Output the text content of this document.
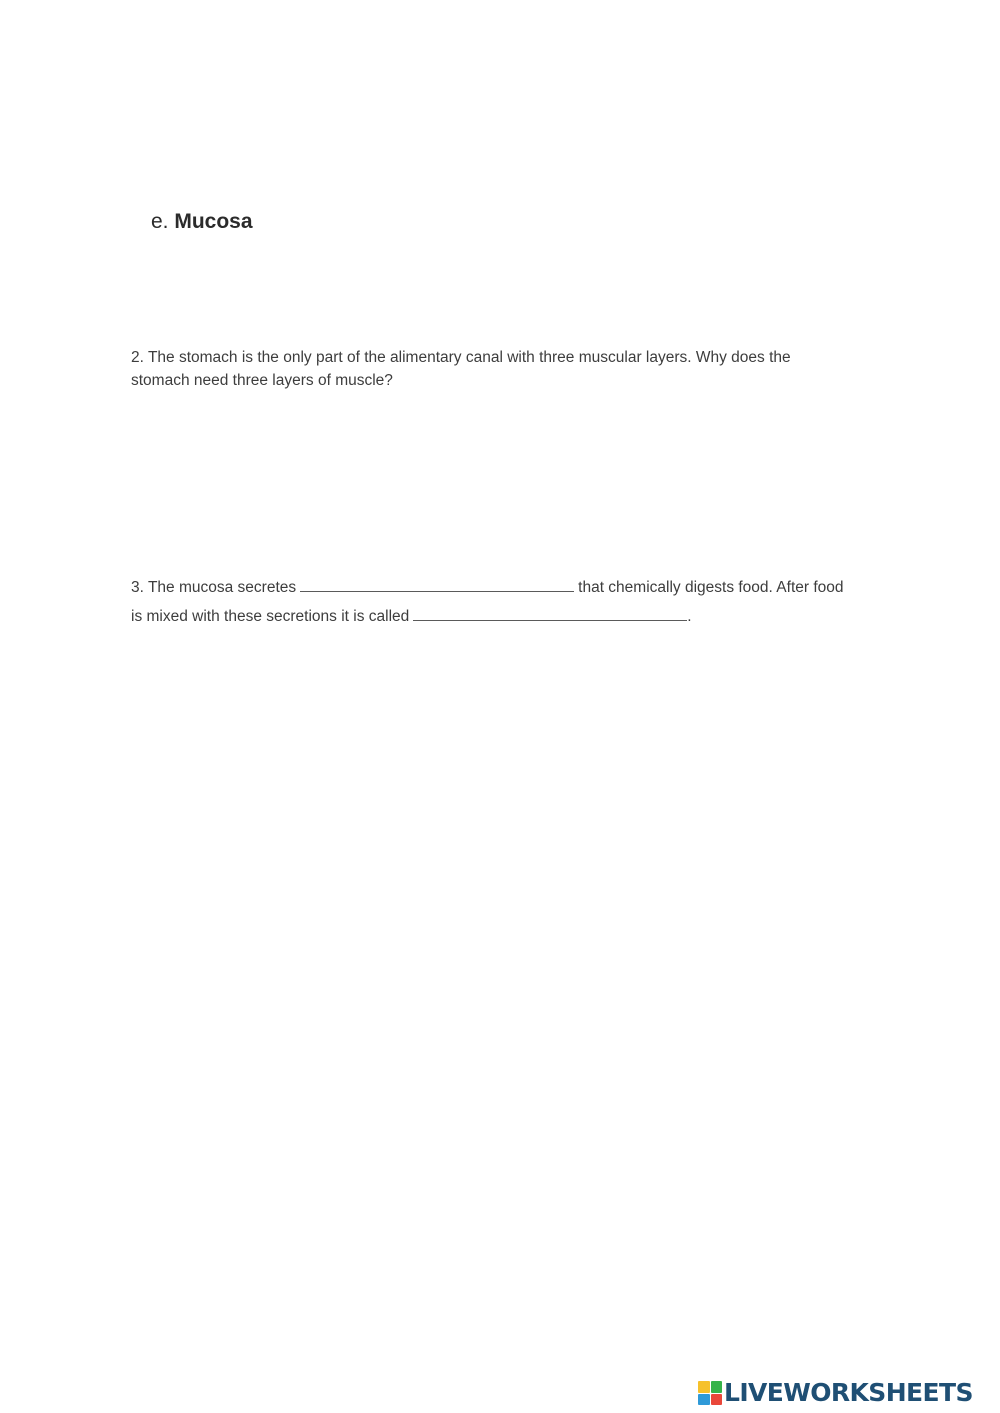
e. Mucosa
2. The stomach is the only part of the alimentary canal with three muscular layers. Why does the
stomach need three layers of muscle?
3. The mucosa secretes	that chemically digests food. After food
is mixed with these secretions it is called	.
LIVEWORKSHEETS
